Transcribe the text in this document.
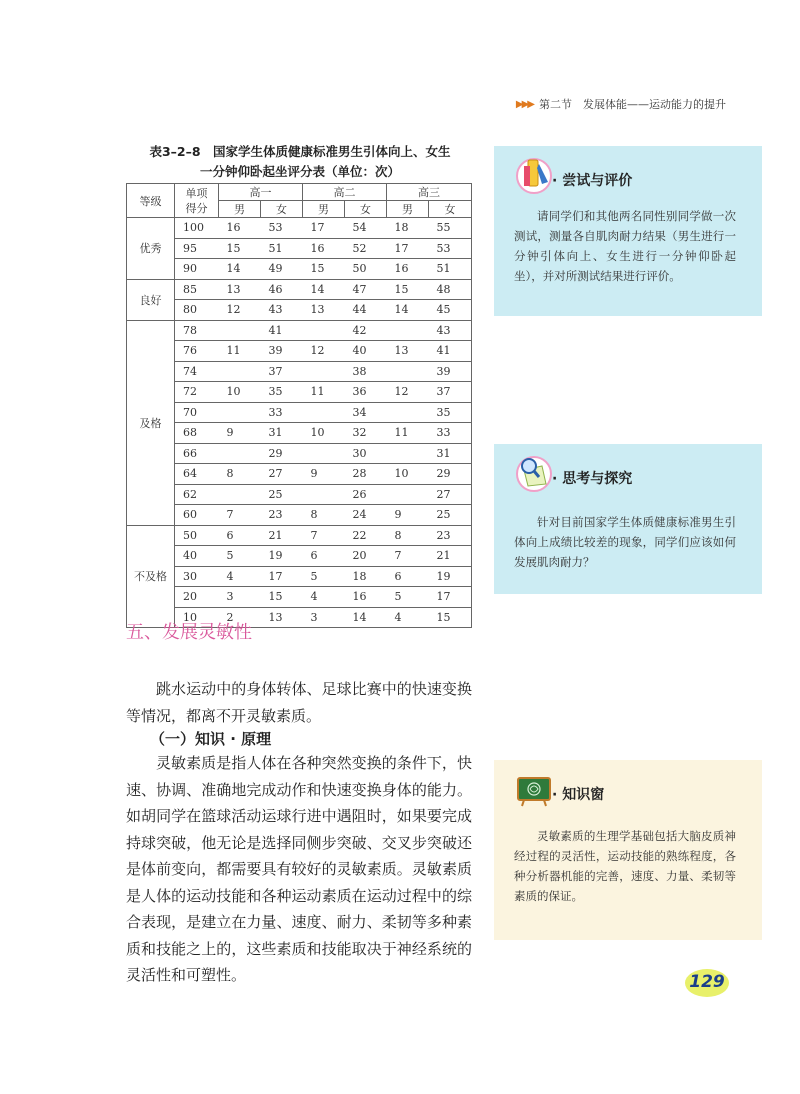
▶▶▶ 第二节　发展体能——运动能力的提升
表3–2–8　国家学生体质健康标准男生引体向上、女生
一分钟仰卧起坐评分表（单位：次）
等级	单项
得分	高一		高二		高三	
		男	女	男	女	男	女
优秀	100	16	53	17	54	18	55
	95	15	51	16	52	17	53
	90	14	49	15	50	16	51
良好	85	13	46	14	47	15	48
	80	12	43	13	44	14	45
及格	78		41		42		43
	76	11	39	12	40	13	41
	74		37		38		39
	72	10	35	11	36	12	37
	70		33		34		35
	68	9	31	10	32	11	33
	66		29		30		31
	64	8	27	9	28	10	29
	62		25		26		27
	60	7	23	8	24	9	25
不及格	50	6	21	7	22	8	23
	40	5	19	6	20	7	21
	30	4	17	5	18	6	19
	20	3	15	4	16	5	17
	10	2	13	3	14	4	15
五、发展灵敏性
跳水运动中的身体转体、足球比赛中的快速变换等情况，都离不开灵敏素质。
（一）知识 · 原理
灵敏素质是指人体在各种突然变换的条件下，快速、协调、准确地完成动作和快速变换身体的能力。如胡同学在篮球活动运球行进中遇阻时，如果要完成持球突破，他无论是选择同侧步突破、交叉步突破还是体前变向，都需要具有较好的灵敏素质。灵敏素质是人体的运动技能和各种运动素质在运动过程中的综合表现，是建立在力量、速度、耐力、柔韧等多种素质和技能之上的，这些素质和技能取决于神经系统的灵活性和可塑性。
· 尝试与评价
请同学们和其他两名同性别同学做一次测试，测量各自肌肉耐力结果（男生进行一分钟引体向上、女生进行一分钟仰卧起坐），并对所测试结果进行评价。
· 思考与探究
针对目前国家学生体质健康标准男生引体向上成绩比较差的现象，同学们应该如何发展肌肉耐力？
· 知识窗
灵敏素质的生理学基础包括大脑皮质神经过程的灵活性，运动技能的熟练程度，各种分析器机能的完善，速度、力量、柔韧等素质的保证。
129
